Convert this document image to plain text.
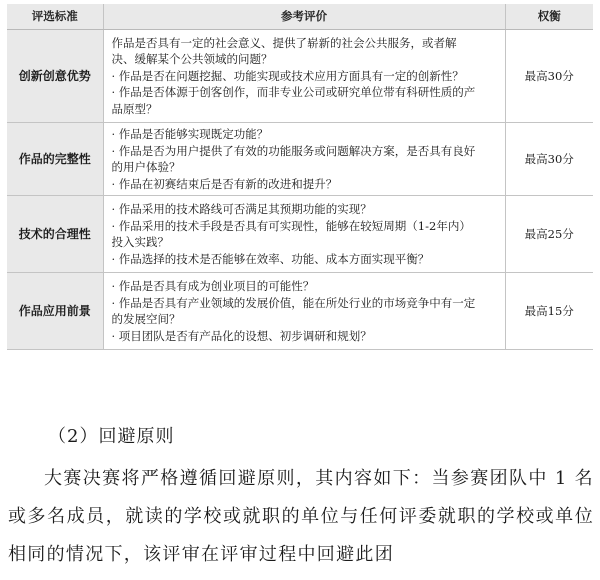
评选标准	参考评价	权衡
创新创意优势	作品是否具有一定的社会意义、提供了崭新的社会公共服务，或者解
决、缓解某个公共领域的问题？
· 作品是否在问题挖掘、功能实现或技术应用方面具有一定的创新性？
· 作品是否体源于创客创作，而非专业公司或研究单位带有科研性质的产
品原型？	最高30分
作品的完整性	· 作品是否能够实现既定功能？
· 作品是否为用户提供了有效的功能服务或问题解决方案，是否具有良好
的用户体验？
· 作品在初赛结束后是否有新的改进和提升？	最高30分
技术的合理性	· 作品采用的技术路线可否满足其预期功能的实现？
· 作品采用的技术手段是否具有可实现性，能够在较短周期（1-2年内）
投入实践？
· 作品选择的技术是否能够在效率、功能、成本方面实现平衡？	最高25分
作品应用前景	· 作品是否具有成为创业项目的可能性？
· 作品是否具有产业领域的发展价值，能在所处行业的市场竞争中有一定
的发展空间？
· 项目团队是否有产品化的设想、初步调研和规划？	最高15分
（2）回避原则

大赛决赛将严格遵循回避原则，其内容如下：当参赛团队中 1 名或多名成员，就读的学校或就职的单位与任何评委就职的学校或单位相同的情况下，该评审在评审过程中回避此团
